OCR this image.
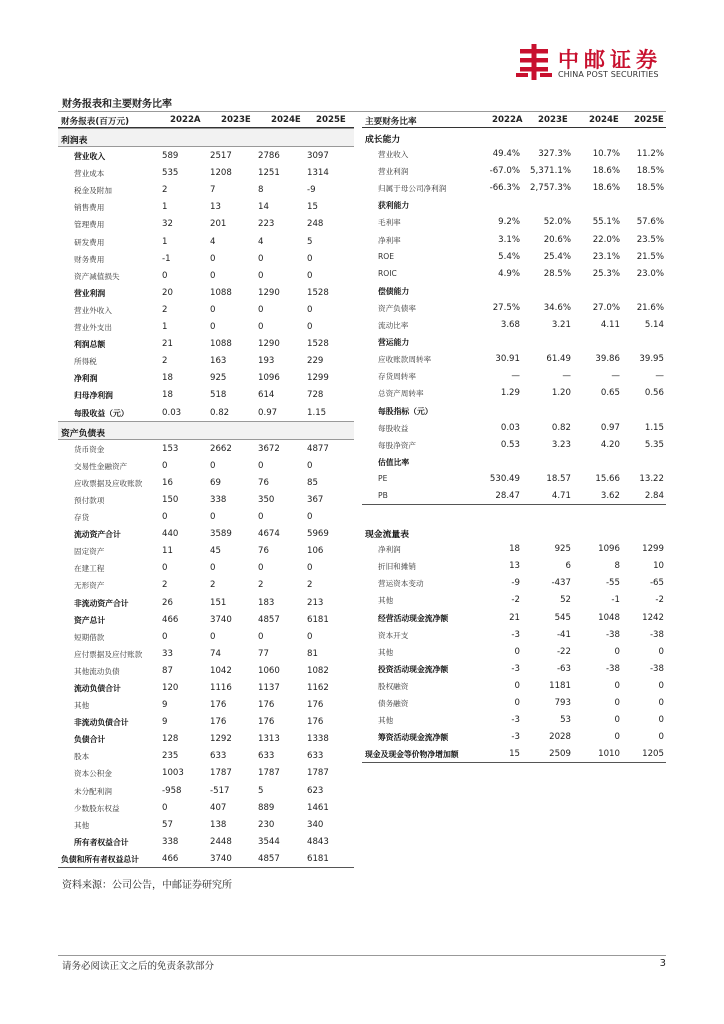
中邮证券
CHINA POST SECURITIES
财务报表和主要财务比率
财务报表(百万元)	2022A 2023E 2024E 2025E
利润表
营业收入	589	2517	2786	3097
营业成本	535	1208	1251	1314
税金及附加	2	7	8	-9
销售费用	1	13	14	15
管理费用	32	201	223	248
研发费用	1	4	4	5
财务费用	-1	0	0	0
资产减值损失	0	0	0	0
营业利润	20	1088	1290	1528
营业外收入	2	0	0	0
营业外支出	1	0	0	0
利润总额	21	1088	1290	1528
所得税	2	163	193	229
净利润	18	925	1096	1299
归母净利润	18	518	614	728
每股收益（元）	0.03	0.82	0.97	1.15
资产负债表
货币资金	153	2662	3672	4877
交易性金融资产	0	0	0	0
应收票据及应收账款 16	69	76	85
预付款项	150	338	350	367
存货	0	0	0	0
流动资产合计	440	3589	4674	5969
固定资产	11	45	76	106
在建工程	0	0	0	0
无形资产	2	2	2	2
非流动资产合计	26	151	183	213
资产总计	466	3740	4857	6181
短期借款	0	0	0	0
应付票据及应付账款 33	74	77	81
其他流动负债	87	1042	1060	1082
流动负债合计	120	1116	1137	1162
其他	9	176	176	176
非流动负债合计	9	176	176	176
负债合计	128	1292	1313	1338
股本	235	633	633	633
资本公积金	1003	1787	1787	1787
未分配利润	-958	-517	5	623
少数股东权益	0	407	889	1461
其他	57	138	230	340
所有者权益合计	338	2448	3544	4843
负债和所有者权益总计	466	3740	4857	6181
主要财务比率	2022A 2023E 2024E 2025E
成长能力
营业收入	49.4% 327.3%	10.7% 11.2%
营业利润	-67.0% 5,371.1%	18.6% 18.5%
归属于母公司净利润	-66.3% 2,757.3%	18.6% 18.5%
获利能力
毛利率	9.2%	52.0%	55.1% 57.6%
净利率	3.1%	20.6%	22.0% 23.5%
ROE	5.4%	25.4%	23.1% 21.5%
ROIC	4.9%	28.5%	25.3% 23.0%
偿债能力
资产负债率	27.5%	34.6%	27.0% 21.6%
流动比率	3.68	3.21	4.11	5.14
营运能力
应收账款周转率	30.91	61.49	39.86 39.95
存货周转率	—	—	—	—
总资产周转率	1.29	1.20	0.65	0.56
每股指标（元）
每股收益	0.03	0.82	0.97	1.15
每股净资产	0.53	3.23	4.20	5.35
估值比率
PE	530.49	18.57	15.66 13.22
PB	28.47	4.71	3.62	2.84
现金流量表
净利润	18	925	1096	1299
折旧和摊销	13	6	8	10
营运资本变动	-9	-437	-55	-65
其他	-2	52	-1	-2
经营活动现金流净额	21	545	1048	1242
资本开支	-3	-41	-38	-38
其他	0	-22	0	0
投资活动现金流净额	-3	-63	-38	-38
股权融资	0	1181	0	0
债务融资	0	793	0	0
其他	-3	53	0	0
筹资活动现金流净额	-3	2028	0	0
现金及现金等价物净增加额	15	2509	1010	1205
资料来源：公司公告，中邮证券研究所
请务必阅读正文之后的免责条款部分	3
